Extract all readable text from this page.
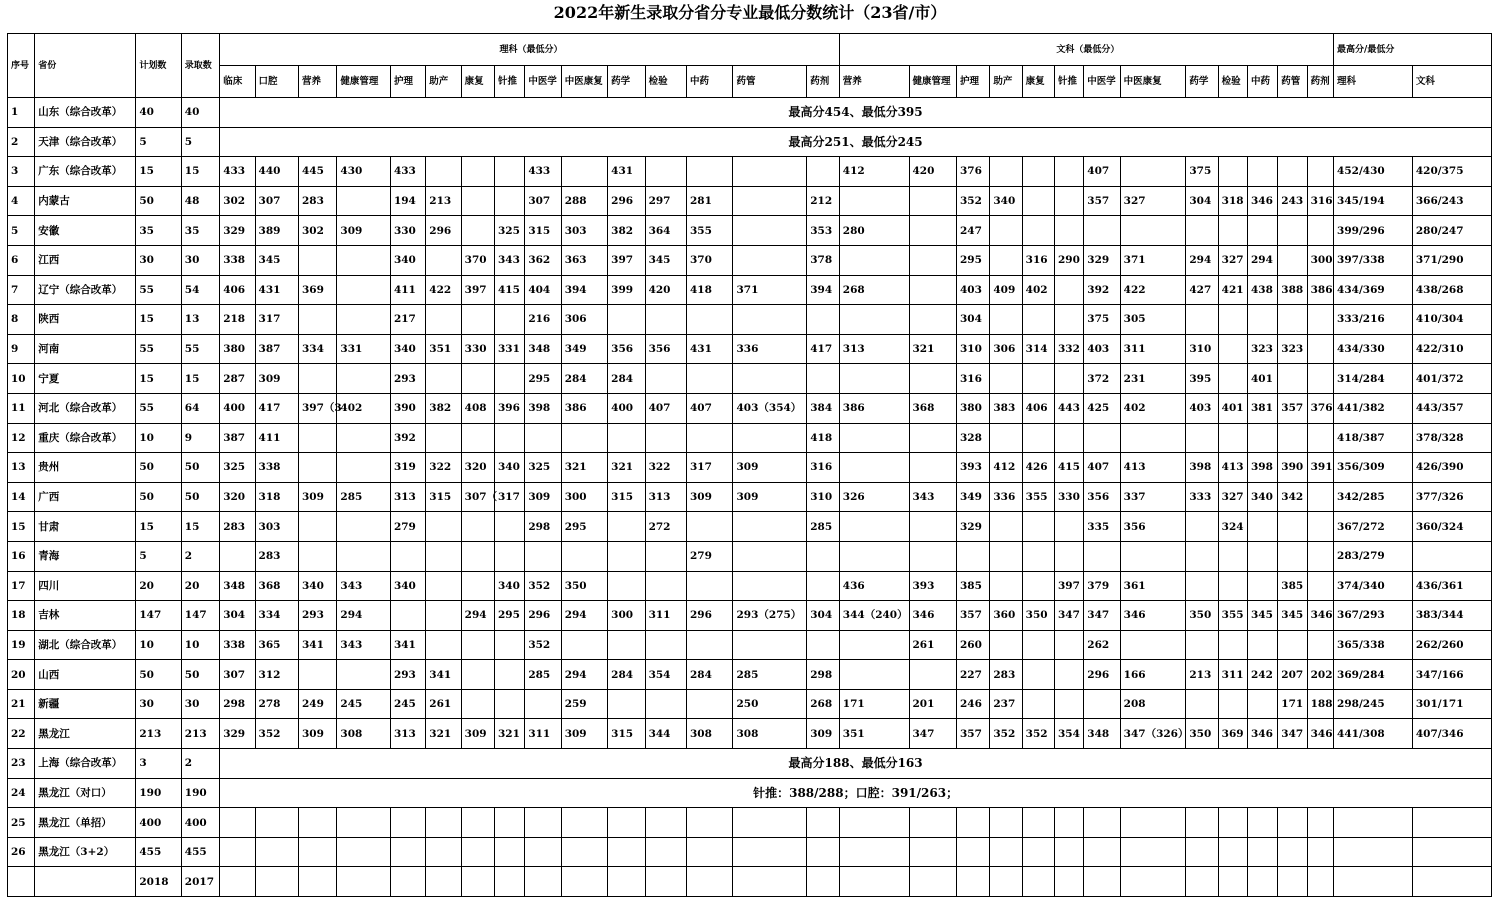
2022年新生录取分省分专业最低分数统计（23省/市）
序号	省份	计划数	录取数	理科（最低分）															文科（最低分）													最高分/最低分	
				临床	口腔	营养	健康管理	护理	助产	康复	针推	中医学	中医康复	药学	检验	中药	药管	药剂	营养	健康管理	护理	助产	康复	针推	中医学	中医康复	药学	检验	中药	药管	药剂	理科	文科
1	山东（综合改革）	40	40	最高分454、最低分395																													
2	天津（综合改革）	5	5	最高分251、最低分245																													
3	广东（综合改革）	15	15	433	440	445	430	433				433		431					412	420	376				407		375					452/430	420/375
4	内蒙古	50	48	302	307	283		194	213			307	288	296	297	281		212			352	340			357	327	304	318	346	243	316	345/194	366/243
5	安徽	35	35	329	389	302	309	330	296		325	315	303	382	364	355		353	280		247											399/296	280/247
6	江西	30	30	338	345			340		370	343	362	363	397	345	370		378			295		316	290	329	371	294	327	294		300	397/338	371/290
7	辽宁（综合改革）	55	54	406	431	369		411	422	397	415	404	394	399	420	418	371	394	268		403	409	402		392	422	427	421	438	388	386	434/369	438/268
8	陕西	15	13	218	317			217				216	306								304				375	305						333/216	410/304
9	河南	55	55	380	387	334	331	340	351	330	331	348	349	356	356	431	336	417	313	321	310	306	314	332	403	311	310		323	323		434/330	422/310
10	宁夏	15	15	287	309			293				295	284	284							316				372	231	395		401			314/284	401/372
11	河北（综合改革）	55	64	400	417	397（3	402	390	382	408	396	398	386	400	407	407	403（354）	384	386	368	380	383	406	443	425	402	403	401	381	357	376	441/382	443/357
12	重庆（综合改革）	10	9	387	411			392										418			328											418/387	378/328
13	贵州	50	50	325	338			319	322	320	340	325	321	321	322	317	309	316			393	412	426	415	407	413	398	413	398	390	391	356/309	426/390
14	广西	50	50	320	318	309	285	313	315	307（	317	309	300	315	313	309	309	310	326	343	349	336	355	330	356	337	333	327	340	342		342/285	377/326
15	甘肃	15	15	283	303			279				298	295		272			285			329				335	356		324				367/272	360/324
16	青海	5	2		283											279																283/279	
17	四川	20	20	348	368	340	343	340			340	352	350						436	393	385			397	379	361				385		374/340	436/361
18	吉林	147	147	304	334	293	294			294	295	296	294	300	311	296	293（275）	304	344（240）	346	357	360	350	347	347	346	350	355	345	345	346	367/293	383/344
19	湖北（综合改革）	10	10	338	365	341	343	341				352								261	260				262							365/338	262/260
20	山西	50	50	307	312			293	341			285	294	284	354	284	285	298			227	283			296	166	213	311	242	207	202	369/284	347/166
21	新疆	30	30	298	278	249	245	245	261				259				250	268	171	201	246	237				208				171	188	298/245	301/171
22	黑龙江	213	213	329	352	309	308	313	321	309	321	311	309	315	344	308	308	309	351	347	357	352	352	354	348	347（326）	350	369	346	347	346	441/308	407/346
23	上海（综合改革）	3	2	最高分188、最低分163																													
24	黑龙江（对口）	190	190	针推：388/288；口腔：391/263；																													
25	黑龙江（单招）	400	400																														
26	黑龙江（3+2）	455	455																														
		2018	2017																														
